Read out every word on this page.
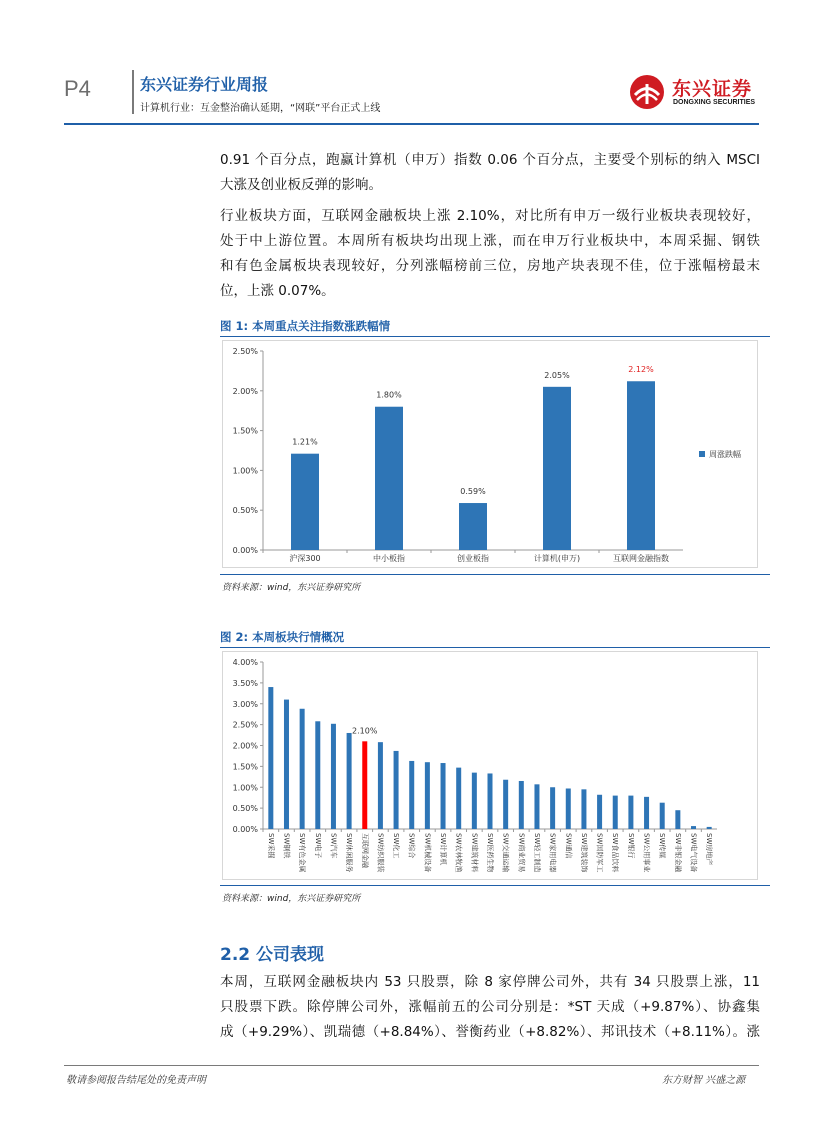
P4	东兴证券行业周报
计算机行业：互金整治确认延期，“网联”平台正式上线
东兴证券
DONGXING SECURITIES
0.91 个百分点，跑赢计算机（申万）指数 0.06 个百分点，主要受个别标的纳入 MSCI
大涨及创业板反弹的影响。
行业板块方面，互联网金融板块上涨 2.10%，对比所有申万一级行业板块表现较好，
处于中上游位置。本周所有板块均出现上涨，而在申万行业板块中，本周采掘、钢铁
和有色金属板块表现较好，分列涨幅榜前三位，房地产块表现不佳，位于涨幅榜最末
位，上涨 0.07%。
图 1: 本周重点关注指数涨跌幅情
0.00%
0.50%
1.00%
1.50%
2.00%
2.50%
1.21%
沪深300
1.80%
中小板指
0.59%
创业板指
2.05%
计算机(申万)
2.12%
互联网金融指数
周涨跌幅
资料来源：wind，东兴证券研究所
图 2: 本周板块行情概况
0.00%
0.50%
1.00%
1.50%
2.00%
2.50%
3.00%
3.50%
4.00%
SW采掘 SW钢铁 SW有色金属 SW电子 SW汽车 SW休闲服务
2.10%
互联网金融 SW纺织服装 SW化工 SW综合 SW机械设备 SW计算机 SW农林牧渔 SW建筑材料 SW医药生物 SW交通运输 SW商业贸易 SW轻工制造 SW家用电器 SW通信 SW建筑装饰 SW国防军工 SW食品饮料 SW银行 SW公用事业 SW传媒 SW非银金融 SW电气设备 SW房地产
资料来源：wind，东兴证券研究所
2.2 公司表现
本周，互联网金融板块内 53 只股票，除 8 家停牌公司外，共有 34 只股票上涨，11
只股票下跌。除停牌公司外，涨幅前五的公司分别是：*ST 天成（+9.87%）、协鑫集
成（+9.29%）、凯瑞德（+8.84%）、誉衡药业（+8.82%）、邦讯技术（+8.11%）。涨
敬请参阅报告结尾处的免责声明	东方财智 兴盛之源
